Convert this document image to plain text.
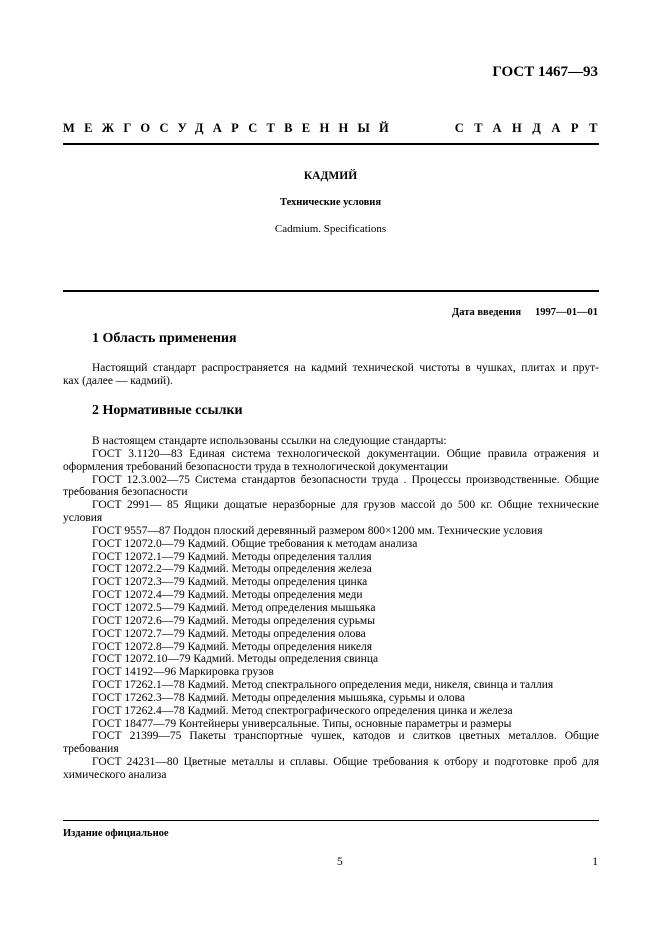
ГОСТ 1467—93
МЕЖГОСУДАРСТВЕННЫЙ	СТАНДАРТ
КАДМИЙ
Технические условия
Cadmium. Specifications
Дата введения 1997—01—01
1 Область применения
Настоящий стандарт распространяется на кадмий технической чистоты в чушках, плитах и прут-
ках (далее — кадмий).
2 Нормативные ссылки
В настоящем стандарте использованы ссылки на следующие стандарты:
ГОСТ 3.1120—83 Единая система технологической документации. Общие правила отражения и
оформления требований безопасности труда в технологической документации
ГОСТ 12.3.002—75 Система стандартов безопасности труда . Процессы производственные. Общие
требования безопасности
ГОСТ 2991— 85 Ящики дощатые неразборные для грузов массой до 500 кг. Общие технические
условия
ГОСТ 9557—87 Поддон плоский деревянный размером 800×1200 мм. Технические условия
ГОСТ 12072.0—79 Кадмий. Общие требования к методам анализа
ГОСТ 12072.1—79 Кадмий. Методы определения таллия
ГОСТ 12072.2—79 Кадмий. Методы определения железа
ГОСТ 12072.3—79 Кадмий. Методы определения цинка
ГОСТ 12072.4—79 Кадмий. Методы определения меди
ГОСТ 12072.5—79 Кадмий. Метод определения мышьяка
ГОСТ 12072.6—79 Кадмий. Методы определения сурьмы
ГОСТ 12072.7—79 Кадмий. Методы определения олова
ГОСТ 12072.8—79 Кадмий. Методы определения никеля
ГОСТ 12072.10—79 Кадмий. Методы определения свинца
ГОСТ 14192—96 Маркировка грузов
ГОСТ 17262.1—78 Кадмий. Метод спектрального определения меди, никеля, свинца и таллия
ГОСТ 17262.3—78 Кадмий. Методы определения мышьяка, сурьмы и олова
ГОСТ 17262.4—78 Кадмий. Метод спектрографического определения цинка и железа
ГОСТ 18477—79 Контейнеры универсальные. Типы, основные параметры и размеры
ГОСТ 21399—75 Пакеты транспортные чушек, катодов и слитков цветных металлов. Общие
требования
ГОСТ 24231—80 Цветные металлы и сплавы. Общие требования к отбору и подготовке проб для
химического анализа
Издание официальное
5	1
